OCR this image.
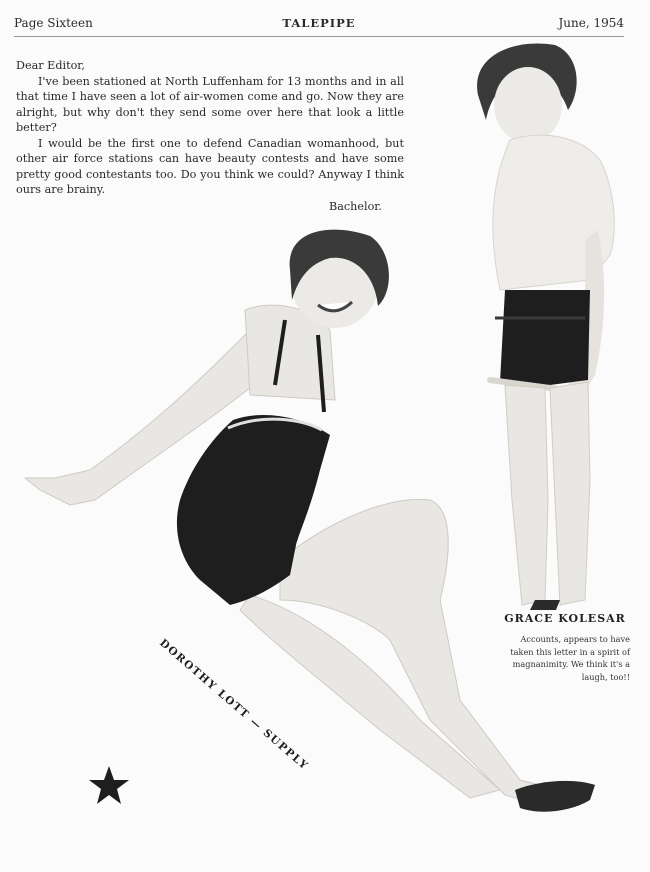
Page Sixteen	TALEPIPE	June, 1954

Dear Editor,

I've been stationed at North Luffenham for 13 months and in all that time I have seen a lot of air-women come and go. Now they are alright, but why don't they send some over here that look a little better?

I would be the first one to defend Canadian womanhood, but other air force stations can have beauty contests and have some pretty good contestants too. Do you think we could? Anyway I think ours are brainy.

Bachelor.

DOROTHY LOTT — SUPPLY
GRACE KOLESAR
Accounts, appears to have taken this letter in a spirit of magnanimity. We think it's a laugh, too!!
